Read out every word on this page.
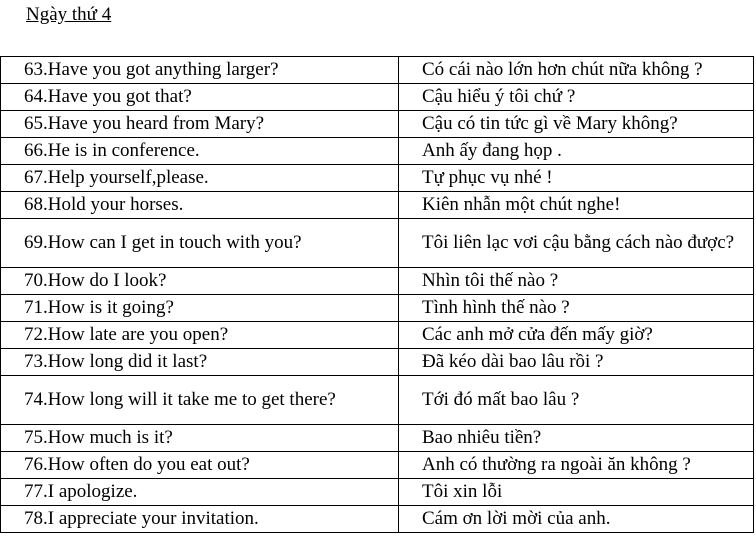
Ngày thứ 4
63.Have you got anything larger?	Có cái nào lớn hơn chút nữa không ?
64.Have you got that?	Cậu hiểu ý tôi chứ ?
65.Have you heard from Mary?	Cậu có tin tức gì về Mary không?
66.He is in conference.	Anh ấy đang họp .
67.Help yourself,please.	Tự phục vụ nhé !
68.Hold your horses.	Kiên nhẫn một chút nghe!
69.How can I get in touch with you?	Tôi liên lạc vơi cậu bằng cách nào được?
70.How do I look?	Nhìn tôi thế nào ?
71.How is it going?	Tình hình thế nào ?
72.How late are you open?	Các anh mở cửa đến mấy giờ?
73.How long did it last?	Đã kéo dài bao lâu rồi ?
74.How long will it take me to get there?	Tới đó mất bao lâu ?
75.How much is it?	Bao nhiêu tiền?
76.How often do you eat out?	Anh có thường ra ngoài ăn không ?
77.I apologize.	Tôi xin lỗi
78.I appreciate your invitation.	Cám ơn lời mời của anh.
